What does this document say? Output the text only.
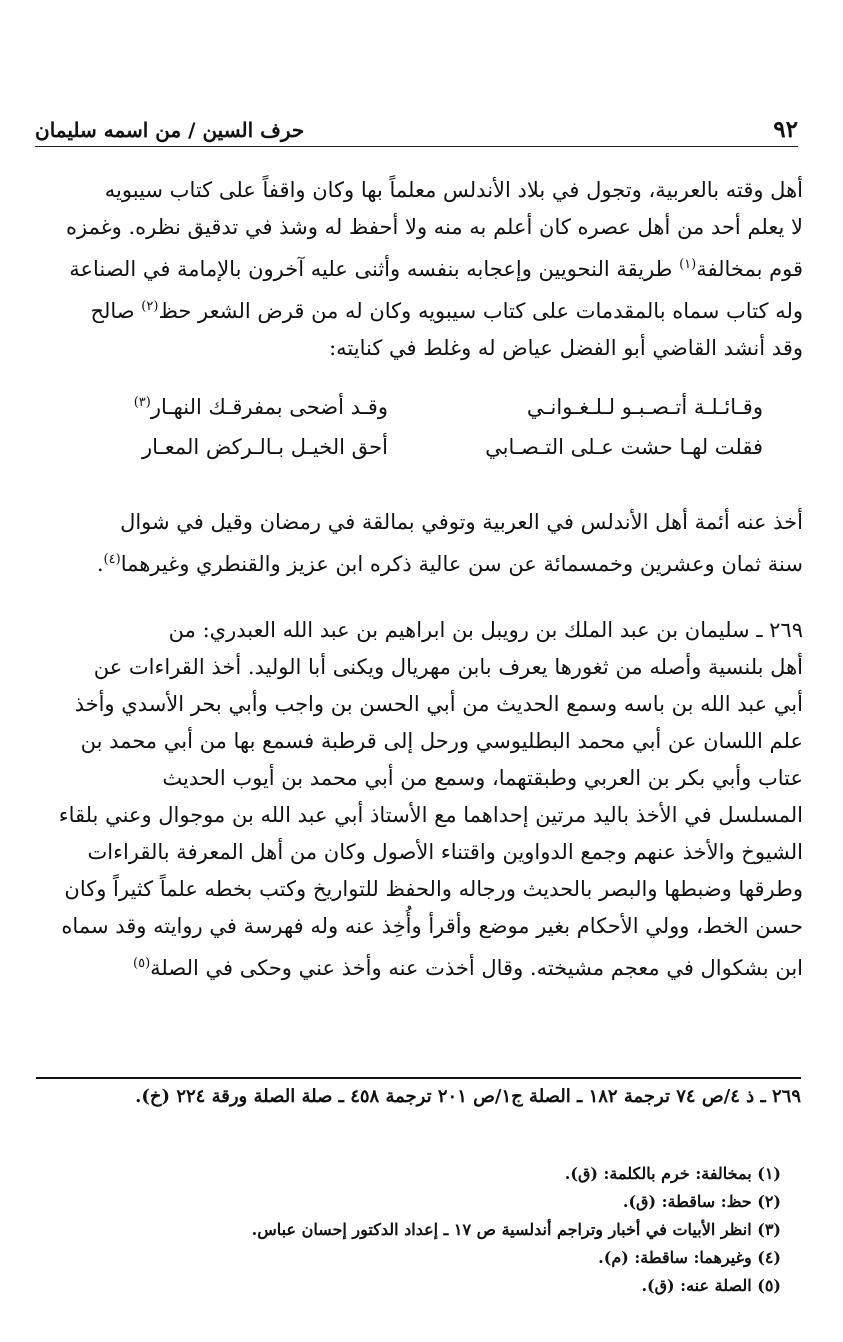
٩٢
حرف السين / من اسمه سليمان

أهل وقته بالعربية، وتجول في بلاد الأندلس معلماً بها وكان واقفاً على كتاب سيبويه

لا يعلم أحد من أهل عصره كان أعلم به منه ولا أحفظ له وشذ في تدقيق نظره. وغمزه

قوم بمخالفة$^{(١)}$ طريقة النحويين وإعجابه بنفسه وأثنى عليه آخرون بالإمامة في الصناعة

وله كتاب سماه بالمقدمات على كتاب سيبويه وكان له من قرض الشعر حظ$^{(٢)}$ صالح

وقد أنشد القاضي أبو الفضل عياض له وغلط في كنايته:

وقـائـلـة أتـصـبـو لـلـغـوانـي
وقـد أضحى بمفرقـك النهـار$^{(٣)}$
فقلت لهـا حشت عـلى التـصـابي
أحق الخيـل بـالـركض المعـار

أخذ عنه أئمة أهل الأندلس في العربية وتوفي بمالقة في رمضان وقيل في شوال

سنة ثمان وعشرين وخمسمائة عن سن عالية ذكره ابن عزيز والقنطري وغيرهما$^{(٤)}$.

٢٦٩ ـ سليمان بن عبد الملك بن رويبل بن ابراهيم بن عبد الله العبدري: من

أهل بلنسية وأصله من ثغورها يعرف بابن مهريال ويكنى أبا الوليد. أخذ القراءات عن

أبي عبد الله بن باسه وسمع الحديث من أبي الحسن بن واجب وأبي بحر الأسدي وأخذ

علم اللسان عن أبي محمد البطليوسي ورحل إلى قرطبة فسمع بها من أبي محمد بن

عتاب وأبي بكر بن العربي وطبقتهما، وسمع من أبي محمد بن أيوب الحديث

المسلسل في الأخذ باليد مرتين إحداهما مع الأستاذ أبي عبد الله بن موجوال وعني بلقاء

الشيوخ والأخذ عنهم وجمع الدواوين واقتناء الأصول وكان من أهل المعرفة بالقراءات

وطرقها وضبطها والبصر بالحديث ورجاله والحفظ للتواريخ وكتب بخطه علماً كثيراً وكان

حسن الخط، وولي الأحكام بغير موضع وأقرأ وأُخِذ عنه وله فهرسة في روايته وقد سماه

ابن بشكوال في معجم مشيخته. وقال أخذت عنه وأخذ عني وحكى في الصلة$^{(٥)}$

٢٦٩ ـ ذ ٤/ص ٧٤ ترجمة ١٨٢ ـ الصلة ج١/ص ٢٠١ ترجمة ٤٥٨ ـ صلة الصلة ورقة ٢٢٤ (خ).
(١) بمخالفة: خرم بالكلمة: (ق).
(٢) حظ: ساقطة: (ق).
(٣) انظر الأبيات في أخبار وتراجم أندلسية ص ١٧ ـ إعداد الدكتور إحسان عباس.
(٤) وغيرهما: ساقطة: (م).
(٥) الصلة عنه: (ق).
